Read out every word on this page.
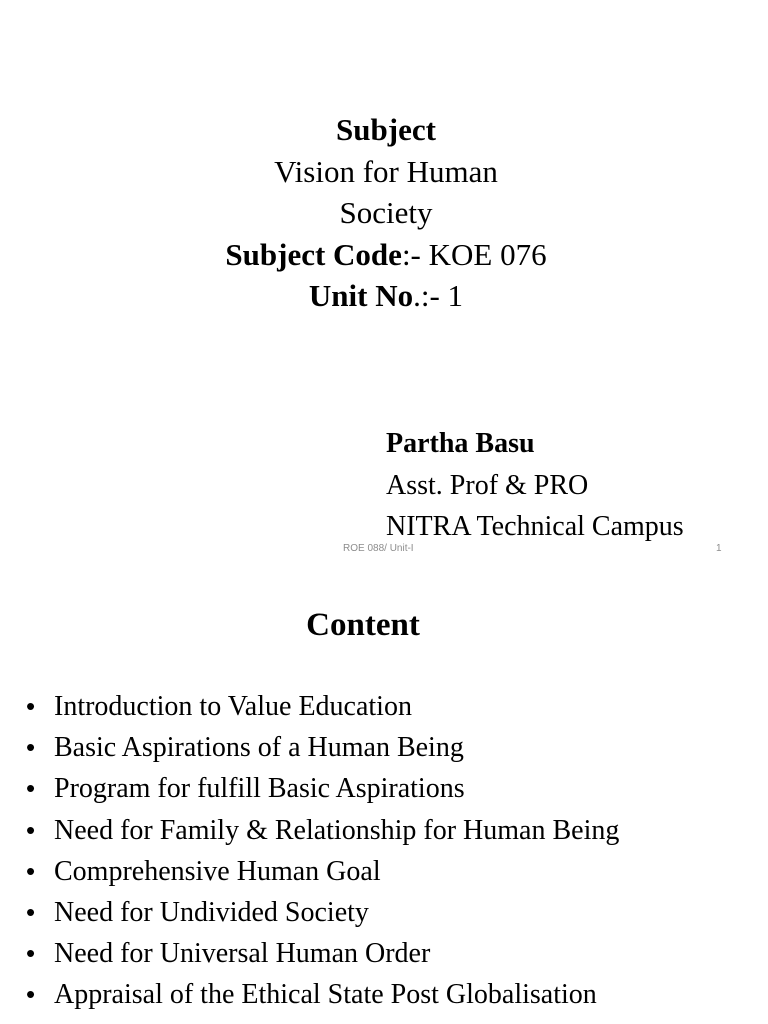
Subject
Vision for Human
Society
Subject Code:- KOE 076
Unit No.:- 1
Partha Basu
Asst. Prof & PRO
NITRA Technical Campus
ROE 088/ Unit-I	1
Content
• Introduction to Value Education
• Basic Aspirations of a Human Being
• Program for fulfill Basic Aspirations
• Need for Family & Relationship for Human Being
• Comprehensive Human Goal
• Need for Undivided Society
• Need for Universal Human Order
• Appraisal of the Ethical State Post Globalisation
